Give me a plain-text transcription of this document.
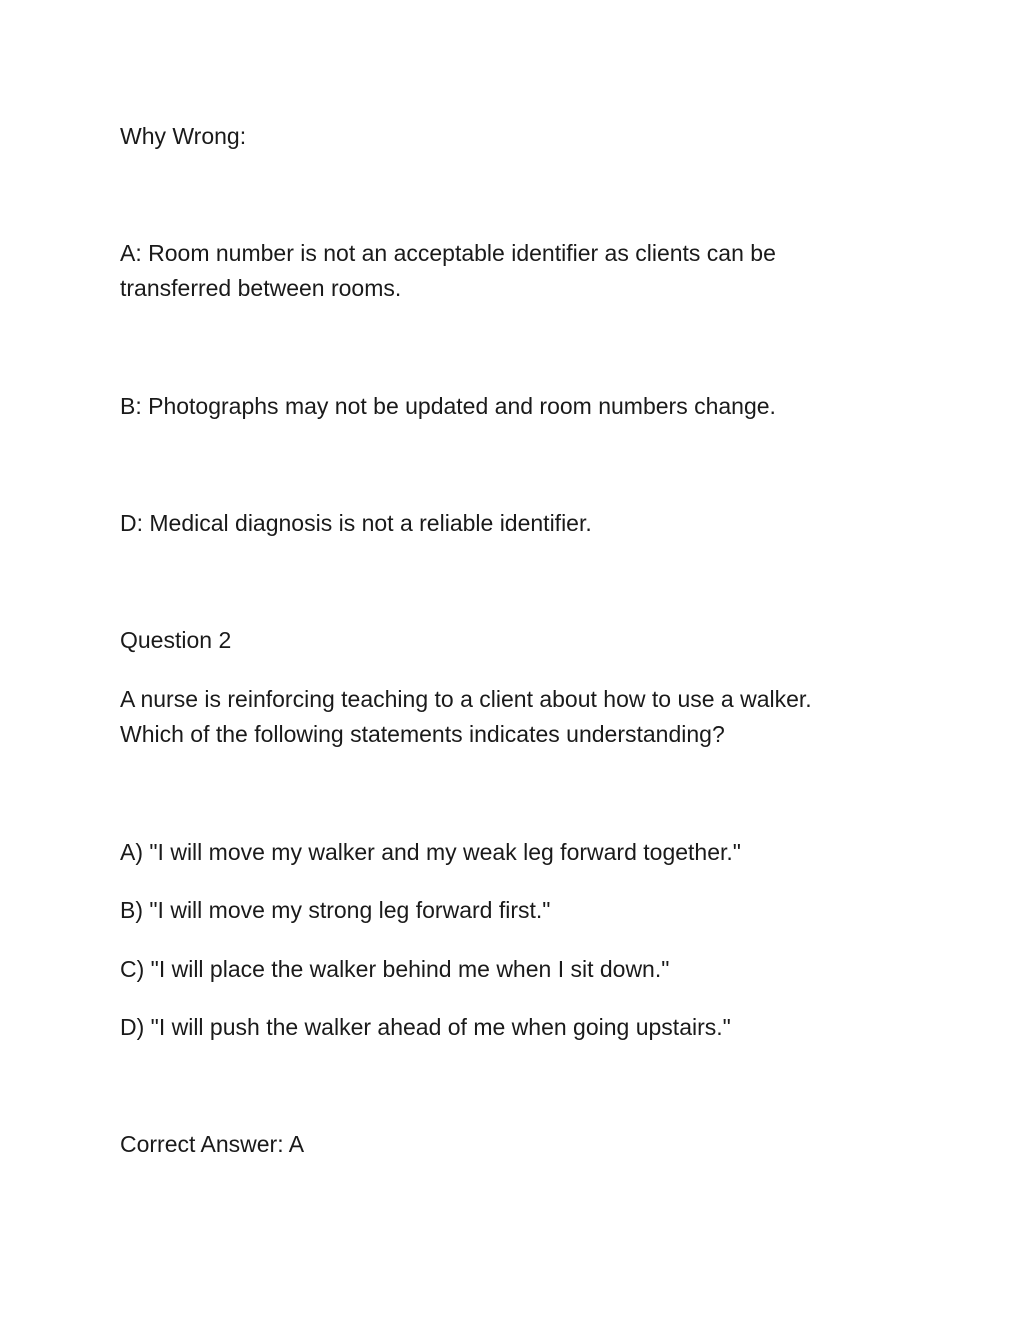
Why Wrong:

A: Room number is not an acceptable identifier as clients can be transferred between rooms.

B: Photographs may not be updated and room numbers change.

D: Medical diagnosis is not a reliable identifier.

Question 2

A nurse is reinforcing teaching to a client about how to use a walker. Which of the following statements indicates understanding?

A) "I will move my walker and my weak leg forward together."

B) "I will move my strong leg forward first."

C) "I will place the walker behind me when I sit down."

D) "I will push the walker ahead of me when going upstairs."

Correct Answer: A
